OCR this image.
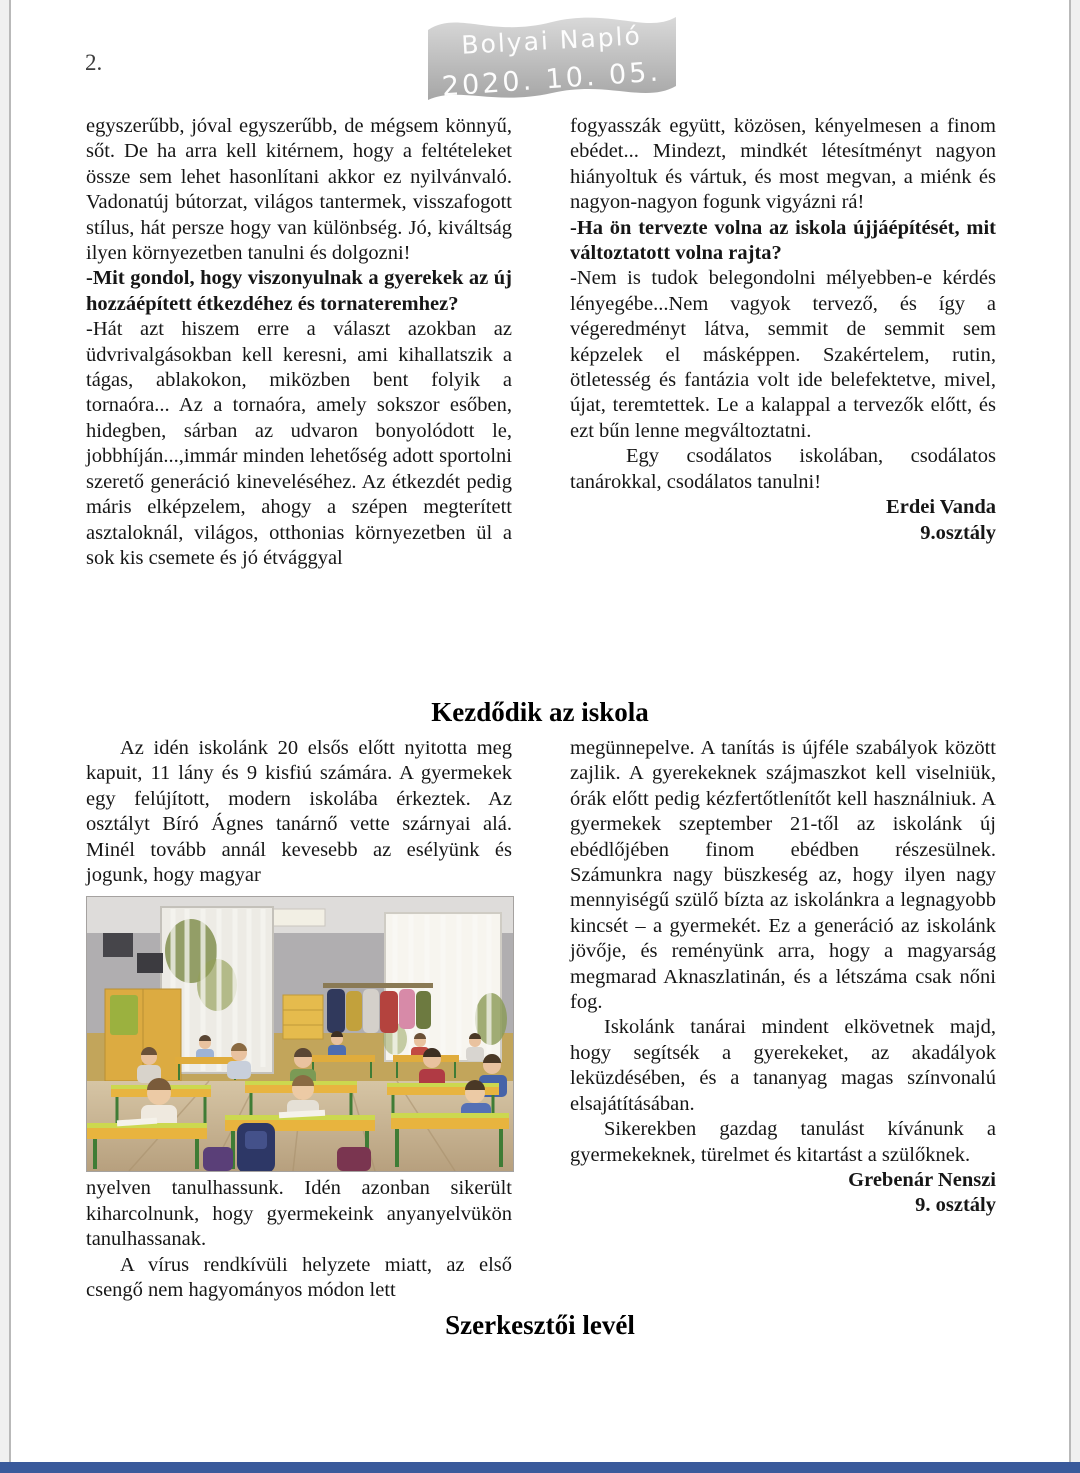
2.
Bolyai Napló
2020. 10. 05.

egyszerűbb, jóval egyszerűbb, de mégsem könnyű, sőt. De ha arra kell kitérnem, hogy a feltételeket össze sem lehet hasonlítani akkor ez nyilvánvaló. Vadonatúj bútorzat, világos tantermek, visszafogott stílus, hát persze hogy van különbség. Jó, kiváltság ilyen környezetben tanulni és dolgozni!

-Mit gondol, hogy viszonyulnak a gyerekek az új hozzáépített étkezdéhez és tornateremhez?

-Hát azt hiszem erre a választ azokban az üdvrivalgásokban kell keresni, ami kihallatszik a tágas, ablakokon, miközben bent folyik a tornaóra... Az a tornaóra, amely sokszor esőben, hidegben, sárban az udvaron bonyolódott le, jobbhíján...,immár minden lehetőség adott sportolni szerető generáció kineveléséhez. Az étkezdét pedig máris elképzelem, ahogy a szépen megterített asztaloknál, világos, otthonias környezetben ül a sok kis csemete és jó étvággyal

fogyasszák együtt, közösen, kényelmesen a finom ebédet... Mindezt, mindkét létesítményt nagyon hiányoltuk és vártuk, és most megvan, a miénk és nagyon-nagyon fogunk vigyázni rá!

-Ha ön tervezte volna az iskola újjáépítését, mit változtatott volna rajta?

-Nem is tudok belegondolni mélyebben-e kérdés lényegébe...Nem vagyok tervező, és így a végeredményt látva, semmit de semmit sem képzelek el másképpen. Szakértelem, rutin, ötletesség és fantázia volt ide belefektetve, mivel, újat, teremtettek. Le a kalappal a tervezők előtt, és ezt bűn lenne megváltoztatni.

Egy csodálatos iskolában, csodálatos tanárokkal, csodálatos tanulni!

Erdei Vanda

9.osztály

Kezdődik az iskola

Az idén iskolánk 20 elsős előtt nyitotta meg kapuit, 11 lány és 9 kisfiú számára. A gyermekek egy felújított, modern iskolába érkeztek. Az osztályt Bíró Ágnes tanárnő vette szárnyai alá. Minél tovább annál kevesebb az esélyünk és jogunk, hogy magyar

nyelven tanulhassunk. Idén azonban sikerült kiharcolnunk, hogy gyermekeink anyanyelvükön tanulhassanak.

A vírus rendkívüli helyzete miatt, az első csengő nem hagyományos módon lett

megünnepelve. A tanítás is újféle szabályok között zajlik. A gyerekeknek szájmaszkot kell viselniük, órák előtt pedig kézfertőtlenítőt kell használniuk. A gyermekek szeptember 21-től az iskolánk új ebédlőjében finom ebédben részesülnek. Számunkra nagy büszkeség az, hogy ilyen nagy mennyiségű szülő bízta az iskolánkra a legnagyobb kincsét – a gyermekét. Ez a generáció az iskolánk jövője, és reményünk arra, hogy a magyarság megmarad Aknaszlatinán, és a létszáma csak nőni fog.

Iskolánk tanárai mindent elkövetnek majd, hogy segítsék a gyerekeket, az akadályok leküzdésében, és a tananyag magas színvonalú elsajátításában.

Sikerekben gazdag tanulást kívánunk a gyermekeknek, türelmet és kitartást a szülőknek.

Grebenár Nenszi

9. osztály

Szerkesztői levél
